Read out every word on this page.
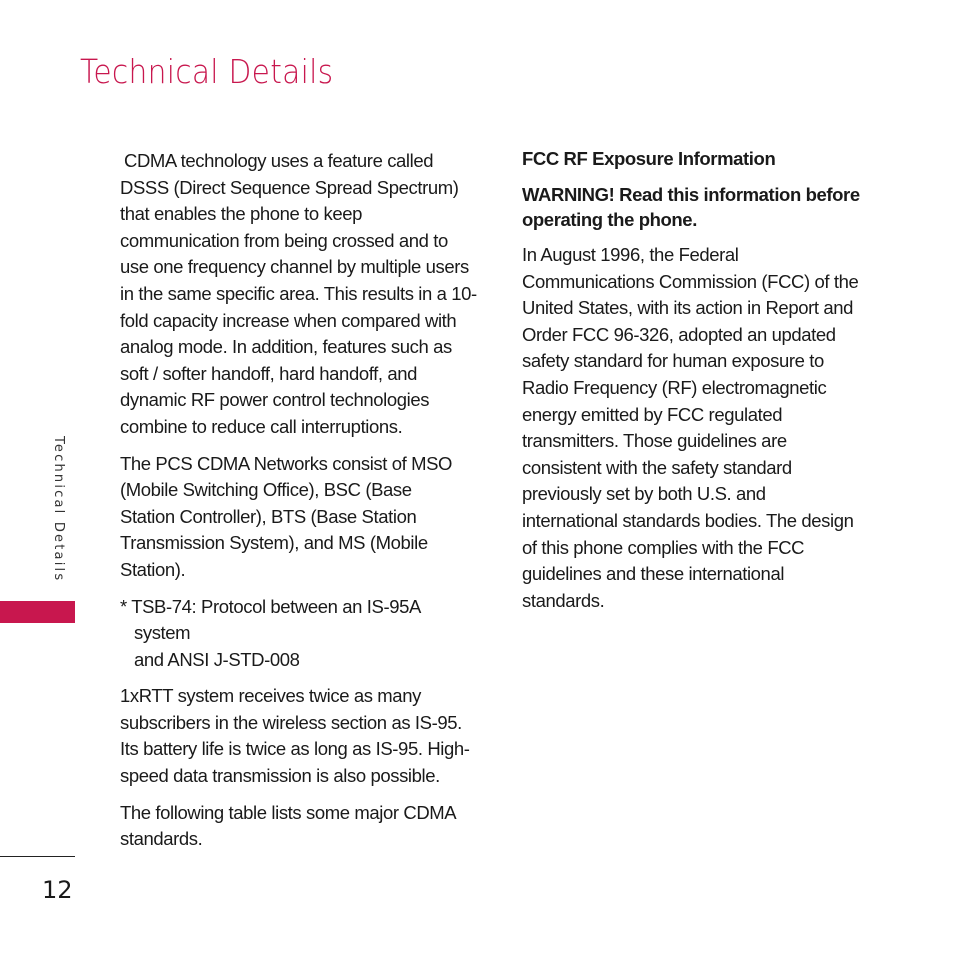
Technical Details
Technical Details

CDMA technology uses a feature called
DSSS (Direct Sequence Spread Spectrum)
that enables the phone to keep
communication from being crossed and to
use one frequency channel by multiple users
in the same specific area. This results in a 10-
fold capacity increase when compared with
analog mode. In addition, features such as
soft / softer handoff, hard handoff, and
dynamic RF power control technologies
combine to reduce call interruptions.

The PCS CDMA Networks consist of MSO
(Mobile Switching Office), BSC (Base
Station Controller), BTS (Base Station
Transmission System), and MS (Mobile
Station).

* TSB-74: Protocol between an IS-95A system
and ANSI J-STD-008

1xRTT system receives twice as many
subscribers in the wireless section as IS-95.
Its battery life is twice as long as IS-95. High-
speed data transmission is also possible.

The following table lists some major CDMA
standards.

FCC RF Exposure Information
WARNING! Read this information before
operating the phone.

In August 1996, the Federal
Communications Commission (FCC) of the
United States, with its action in Report and
Order FCC 96-326, adopted an updated
safety standard for human exposure to
Radio Frequency (RF) electromagnetic
energy emitted by FCC regulated
transmitters. Those guidelines are
consistent with the safety standard
previously set by both U.S. and
international standards bodies. The design
of this phone complies with the FCC
guidelines and these international
standards.

12
